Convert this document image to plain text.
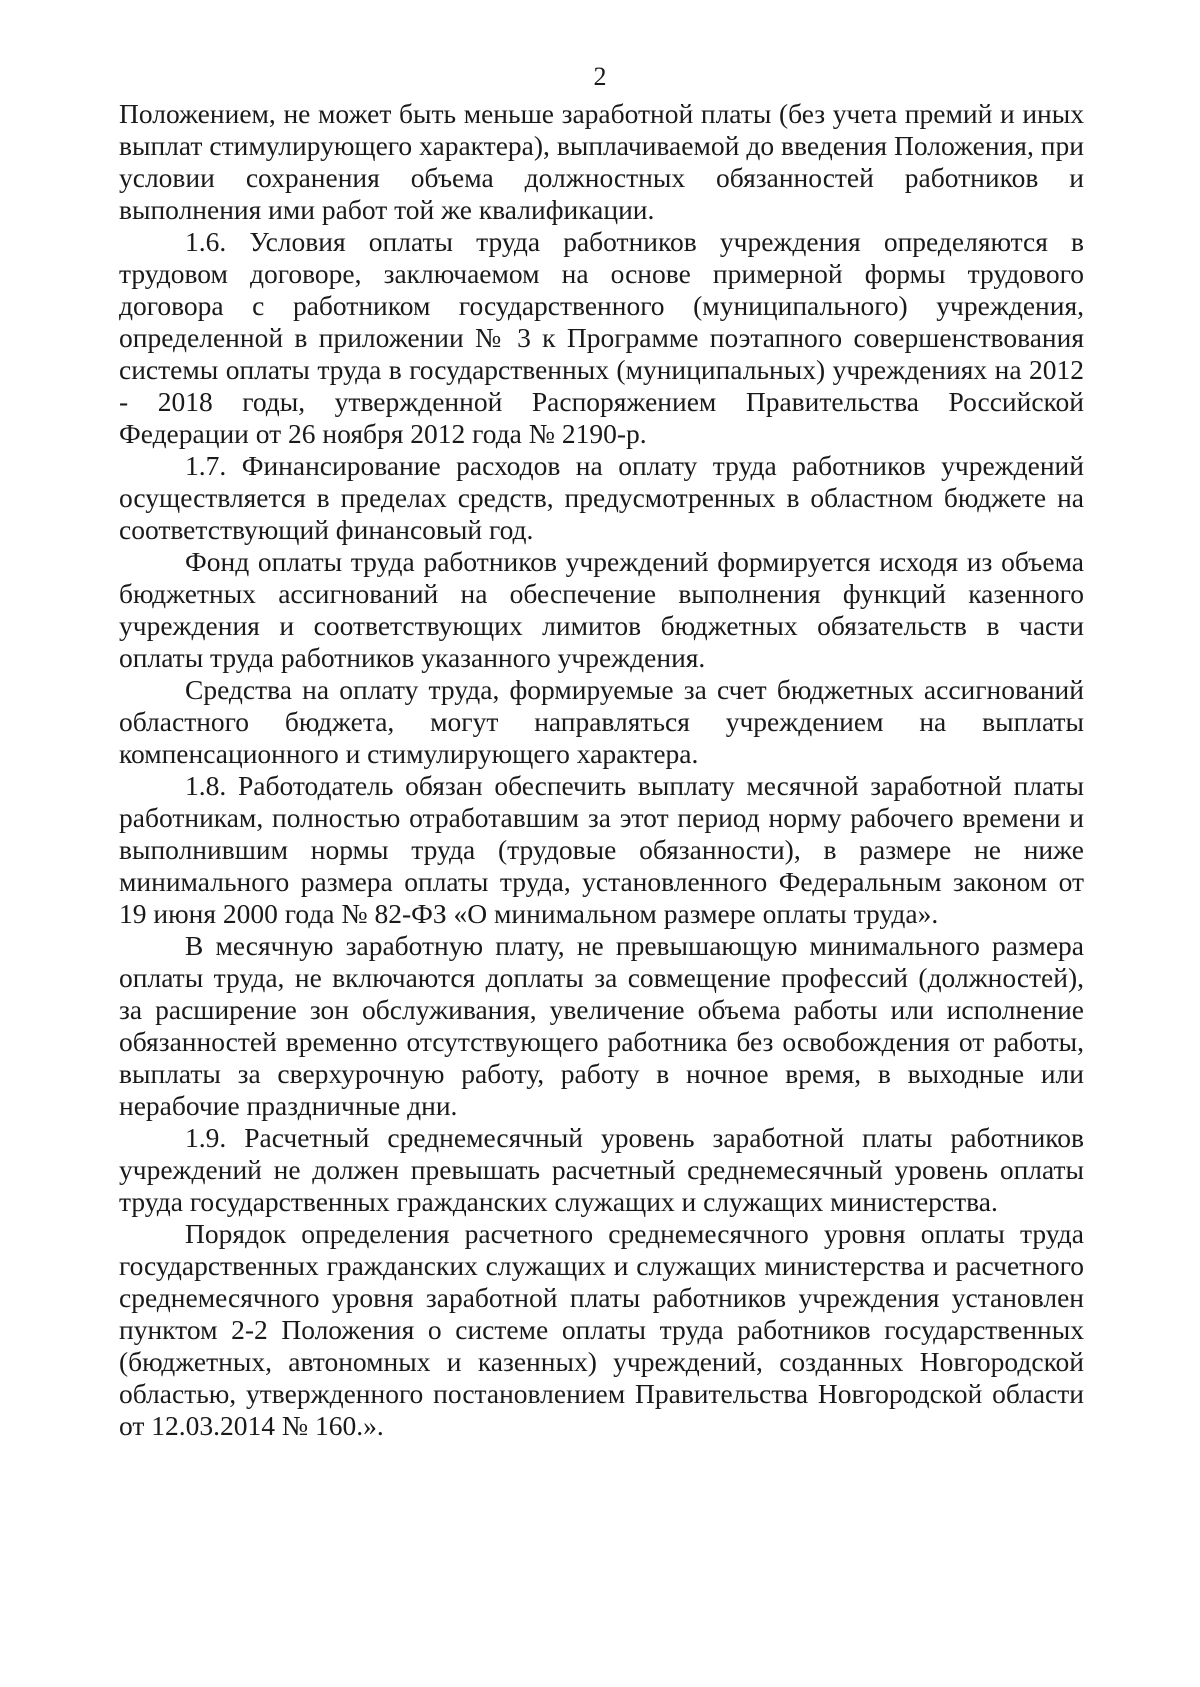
2

Положением, не может быть меньше заработной платы (без учета премий и иных выплат стимулирующего характера), выплачиваемой до введения Положения, при условии сохранения объема должностных обязанностей работников и выполнения ими работ той же квалификации.

1.6. Условия оплаты труда работников учреждения определяются в трудовом договоре, заключаемом на основе примерной формы трудового договора с работником государственного (муниципального) учреждения, определенной в приложении № 3 к Программе поэтапного совершенствования системы оплаты труда в государственных (муниципальных) учреждениях на 2012 - 2018 годы, утвержденной Распоряжением Правительства Российской Федерации от 26 ноября 2012 года № 2190-р.

1.7. Финансирование расходов на оплату труда работников учреждений осуществляется в пределах средств, предусмотренных в областном бюджете на соответствующий финансовый год.

Фонд оплаты труда работников учреждений формируется исходя из объема бюджетных ассигнований на обеспечение выполнения функций казенного учреждения и соответствующих лимитов бюджетных обязательств в части оплаты труда работников указанного учреждения.

Средства на оплату труда, формируемые за счет бюджетных ассигнований областного бюджета, могут направляться учреждением на выплаты компенсационного и стимулирующего характера.

1.8. Работодатель обязан обеспечить выплату месячной заработной платы работникам, полностью отработавшим за этот период норму рабочего времени и выполнившим нормы труда (трудовые обязанности), в размере не ниже минимального размера оплаты труда, установленного Федеральным законом от 19 июня 2000 года № 82-ФЗ «О минимальном размере оплаты труда».

В месячную заработную плату, не превышающую минимального размера оплаты труда, не включаются доплаты за совмещение профессий (должностей), за расширение зон обслуживания, увеличение объема работы или исполнение обязанностей временно отсутствующего работника без освобождения от работы, выплаты за сверхурочную работу, работу в ночное время, в выходные или нерабочие праздничные дни.

1.9. Расчетный среднемесячный уровень заработной платы работников учреждений не должен превышать расчетный среднемесячный уровень оплаты труда государственных гражданских служащих и служащих министерства.

Порядок определения расчетного среднемесячного уровня оплаты труда государственных гражданских служащих и служащих министерства и расчетного среднемесячного уровня заработной платы работников учреждения установлен пунктом 2-2 Положения о системе оплаты труда работников государственных (бюджетных, автономных и казенных) учреждений, созданных Новгородской областью, утвержденного постановлением Правительства Новгородской области от 12.03.2014 № 160.».
